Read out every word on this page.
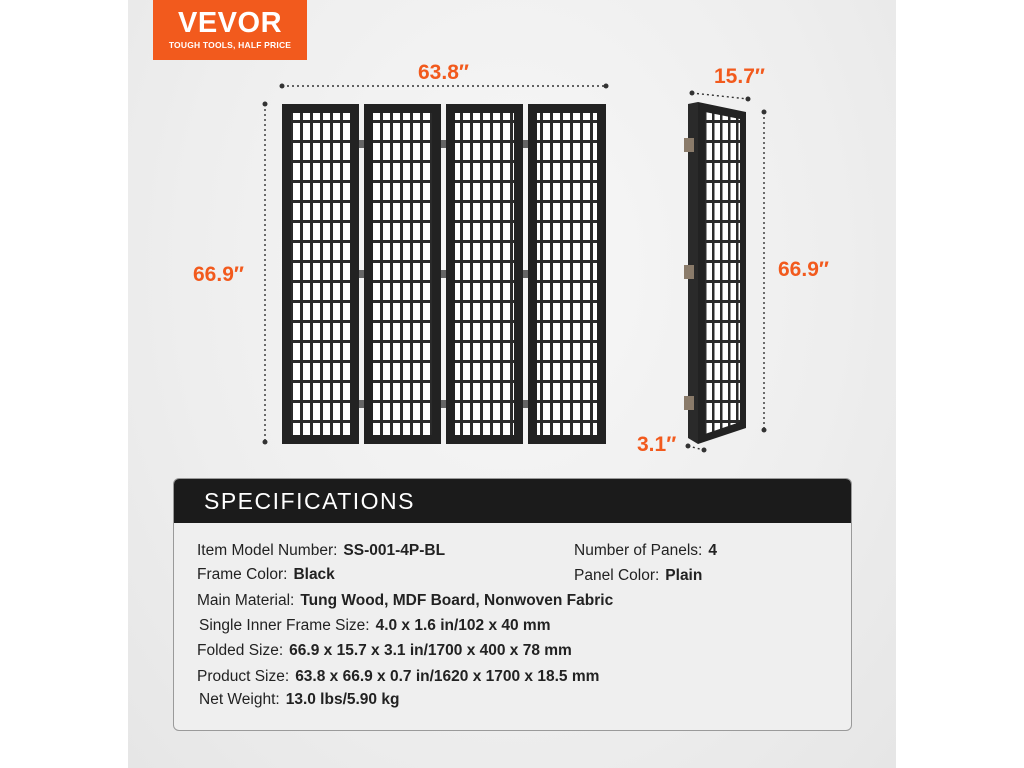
VEVOR
TOUGH TOOLS, HALF PRICE
63.8″
66.9″
15.7″
66.9″
3.1″
SPECIFICATIONS
Item Model Number: SS-001-4P-BL	Number of Panels: 4
Frame Color: Black	Panel Color: Plain
Main Material: Tung Wood, MDF Board, Nonwoven Fabric
Single Inner Frame Size: 4.0 x 1.6 in/102 x 40 mm
Folded Size: 66.9 x 15.7 x 3.1 in/1700 x 400 x 78 mm
Product Size: 63.8 x 66.9 x 0.7 in/1620 x 1700 x 18.5 mm
Net Weight: 13.0 lbs/5.90 kg
